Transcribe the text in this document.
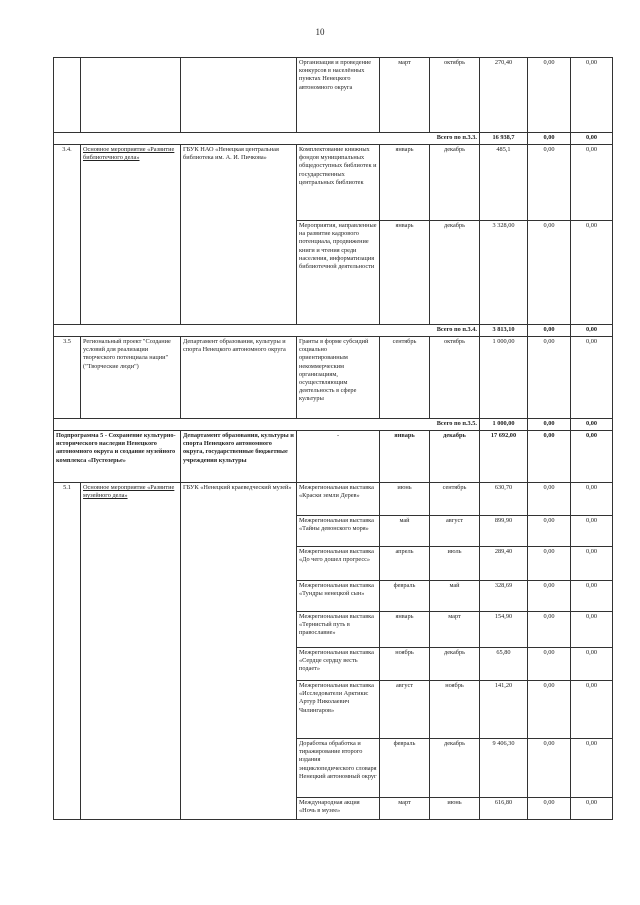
10
			Организация и проведение конкурсов в населённых пунктах Ненецкого автономного округа	март	октябрь	270,40	0,00	0,00
Всего по п.3.3.						16 938,7	0,00	0,00
3.4.	Основное мероприятие «Развитие библиотечного дела»	ГБУК НАО «Ненецкая центральная библиотека им. А. И. Пичкова»	Комплектование книжных фондов муниципальных общедоступных библиотек и государственных центральных библиотек	январь	декабрь	485,1	0,00	0,00
			Мероприятия, направленные на развитие кадрового потенциала, продвижение книги и чтения среди населения, информатизация библиотечной деятельности	январь	декабрь	3 328,00	0,00	0,00
Всего по п.3.4.						3 813,10	0,00	0,00
3.5	Региональный проект "Создание условий для реализации творческого потенциала нации" ("Творческие люди")	Департамент образования, культуры и спорта Ненецкого автономного округа	Гранты в форме субсидий социально ориентированным некоммерческим организациям, осуществляющим деятельность в сфере культуры	сентябрь	октябрь	1 000,00	0,00	0,00
Всего по п.3.5.						1 000,00	0,00	0,00
Подпрограмма 5 - Сохранение культурно-исторического наследия Ненецкого автономного округа и создание музейного комплекса «Пустозерье»		Департамент образования, культуры и спорта Ненецкого автономного округа, государственные бюджетные учреждения культуры	-	январь	декабрь	17 692,00	0,00	0,00
5.1	Основное мероприятие «Развитие музейного дела»	ГБУК «Ненецкий краеведческий музей»	Межрегиональная выставка «Краски земли Дерев»	июнь	сентябрь	630,70	0,00	0,00
			Межрегиональная выставка «Тайны девонского моря»	май	август	899,90	0,00	0,00
			Межрегиональная выставка «До чего дошел прогресс»	апрель	июль	289,40	0,00	0,00
			Межрегиональная выставка «Тундры ненецкой сын»	февраль	май	328,69	0,00	0,00
			Межрегиональная выставка «Тернистый путь в православие»	январь	март	154,90	0,00	0,00
			Межрегиональная выставка «Сердце сердцу весть подает»	ноябрь	декабрь	65,80	0,00	0,00
			Межрегиональная выставка «Исследователи Арктики: Артур Николаевич Чилингаров»	август	ноябрь	141,20	0,00	0,00
			Доработка обработка и тиражирование второго издания энциклопедического словаря Ненецкий автономный округ	февраль	декабрь	9 406,30	0,00	0,00
			Международная акция «Ночь в музее»	март	июнь	616,80	0,00	0,00
